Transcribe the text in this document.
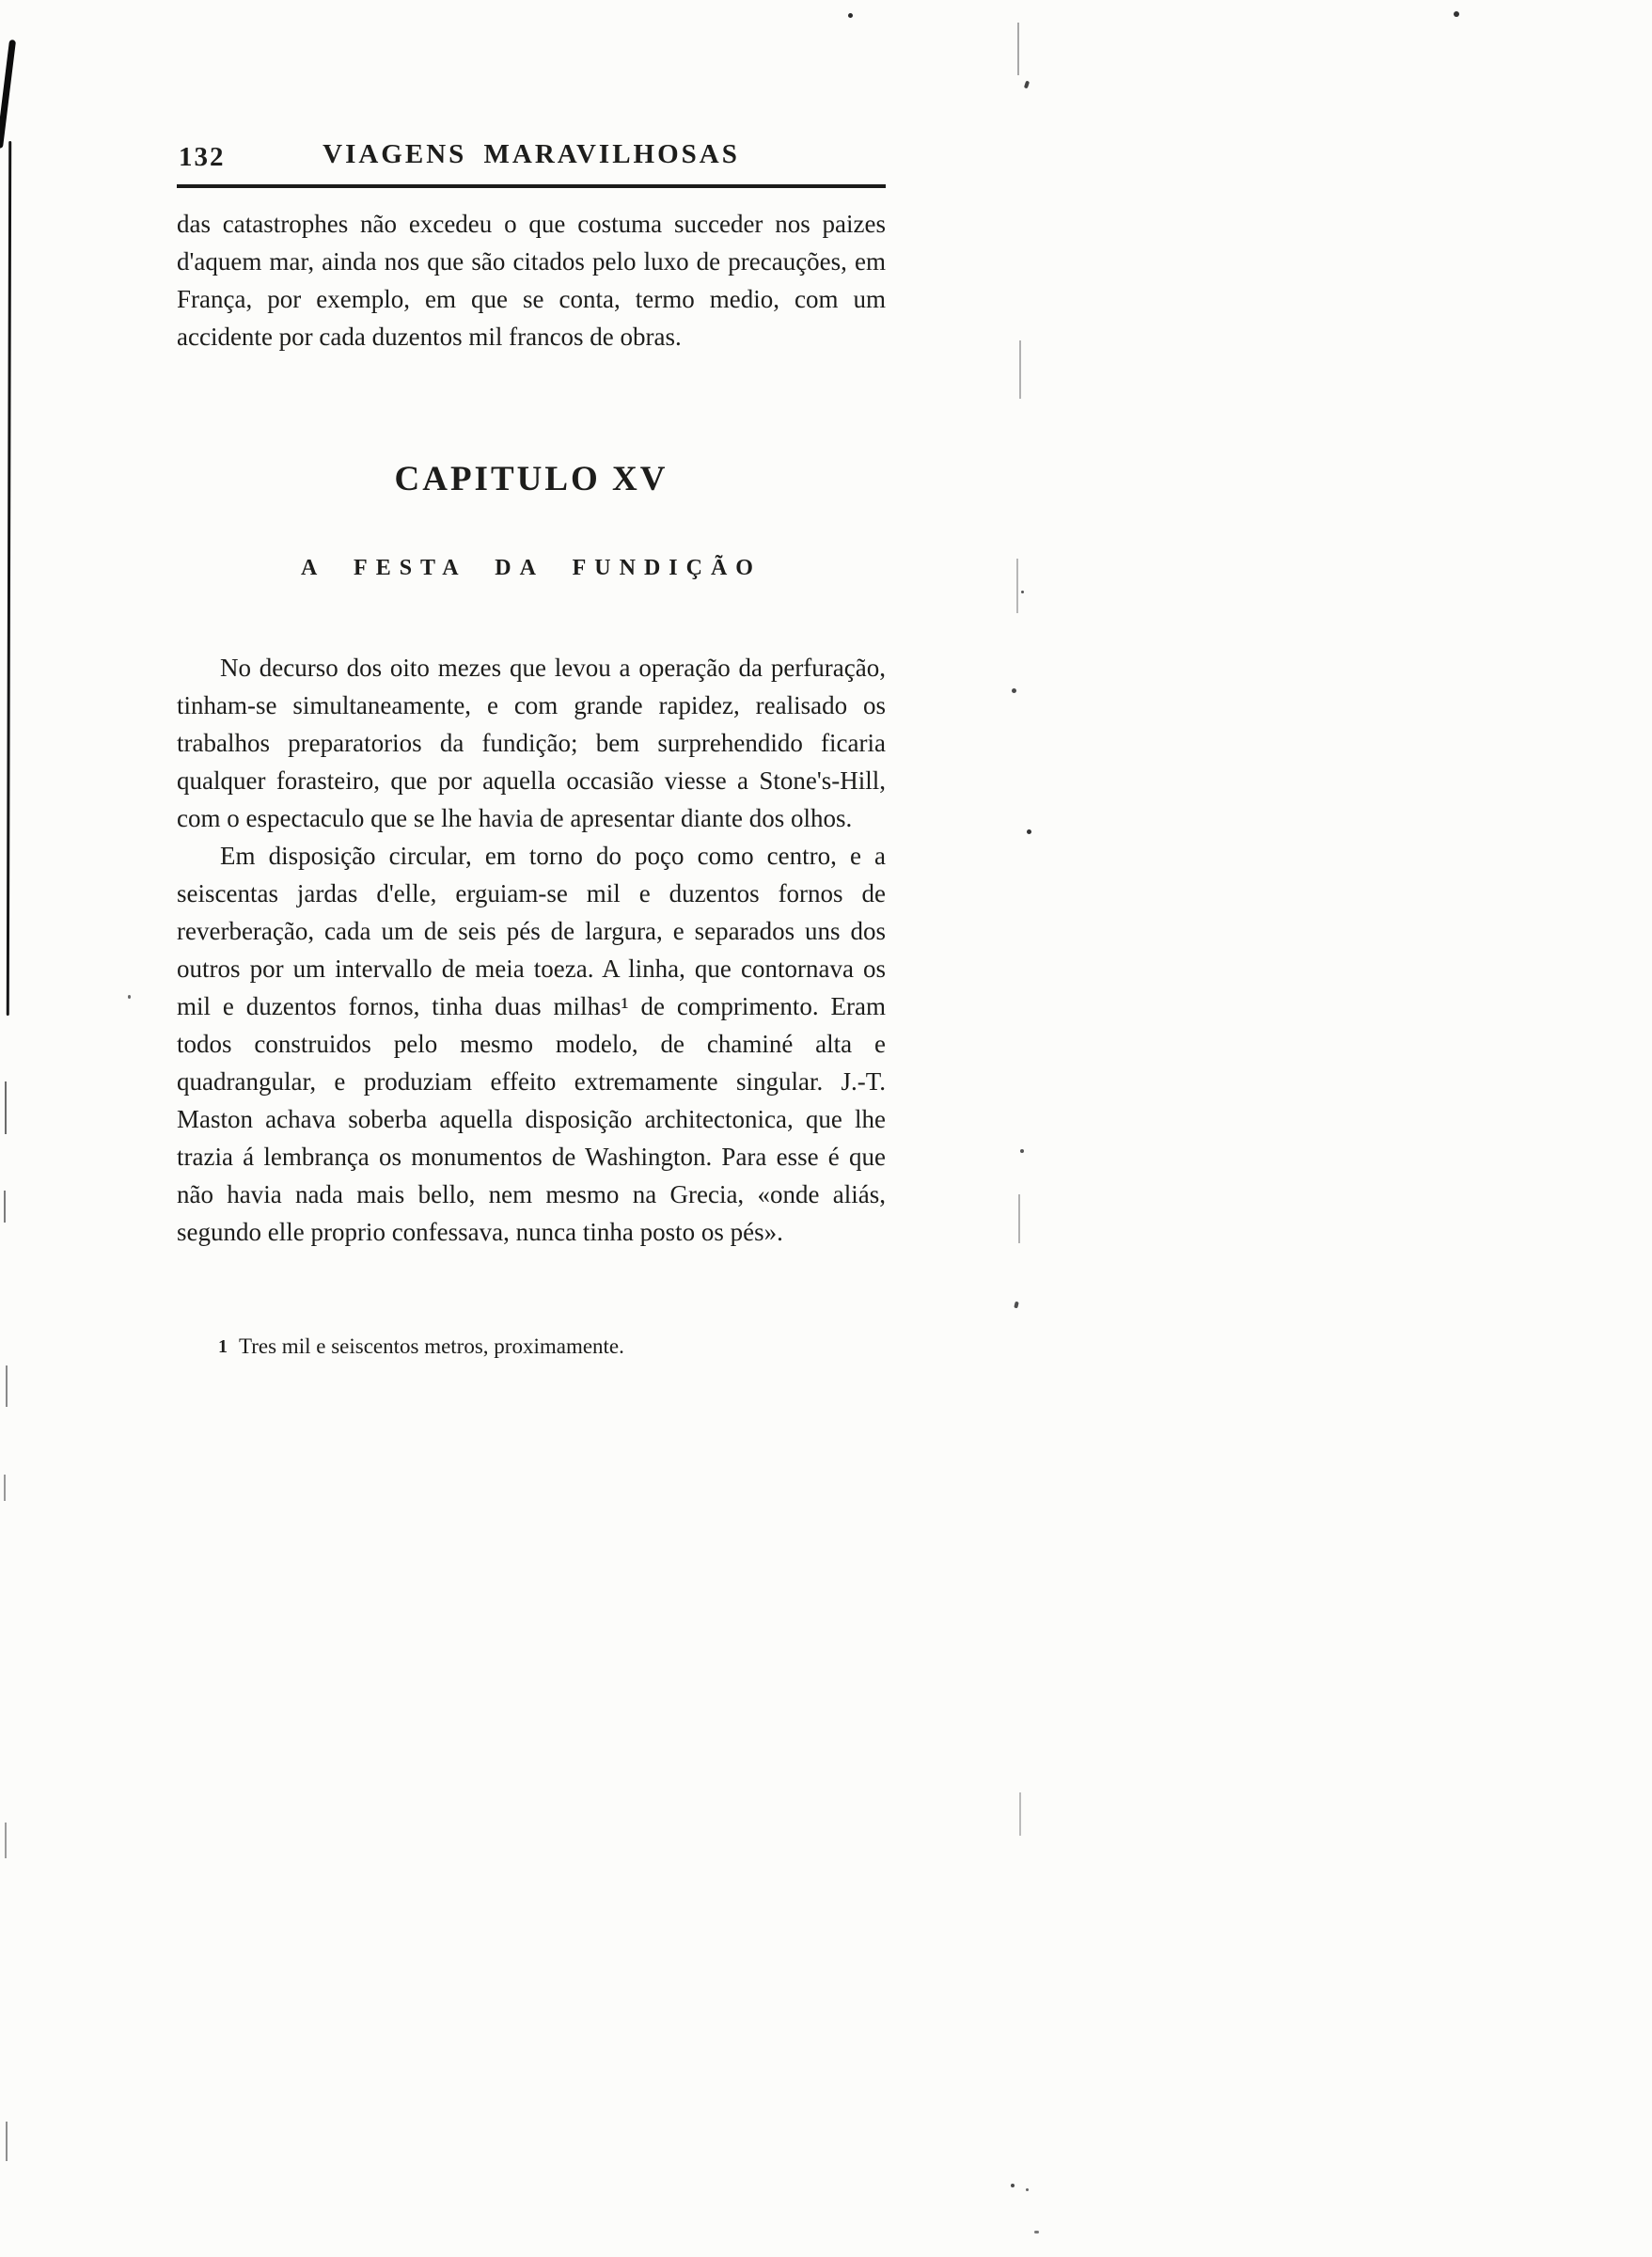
132	VIAGENS MARAVILHOSAS

das catastrophes não excedeu o que costuma succeder nos paizes d'aquem mar, ainda nos que são citados pelo luxo de precauções, em França, por exemplo, em que se conta, termo medio, com um accidente por cada duzentos mil francos de obras.

CAPITULO XV
A FESTA DA FUNDIÇÃO

No decurso dos oito mezes que levou a operação da perfuração, tinham-se simultaneamente, e com grande rapidez, realisado os trabalhos preparatorios da fundição; bem surprehendido ficaria qualquer forasteiro, que por aquella occasião viesse a Stone's-Hill, com o espectaculo que se lhe havia de apresentar diante dos olhos.

Em disposição circular, em torno do poço como centro, e a seiscentas jardas d'elle, erguiam-se mil e duzentos fornos de reverberação, cada um de seis pés de largura, e separados uns dos outros por um intervallo de meia toeza. A linha, que contornava os mil e duzentos fornos, tinha duas milhas¹ de comprimento. Eram todos construidos pelo mesmo modelo, de chaminé alta e quadrangular, e produziam effeito extremamente singular. J.-T. Maston achava soberba aquella disposição architectonica, que lhe trazia á lembrança os monumentos de Washington. Para esse é que não havia nada mais bello, nem mesmo na Grecia, «onde aliás, segundo elle proprio confessava, nunca tinha posto os pés».

1 Tres mil e seiscentos metros, proximamente.
